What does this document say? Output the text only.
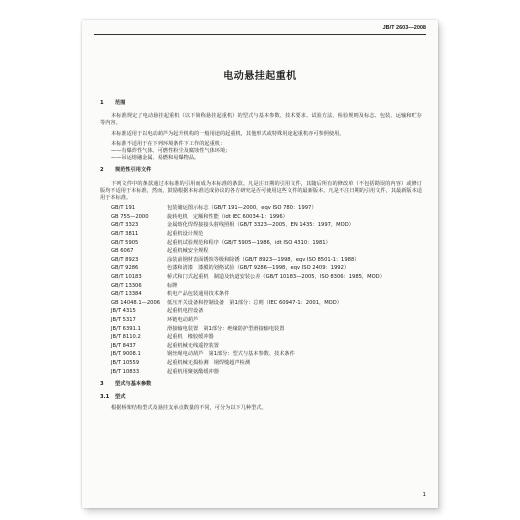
JB/T 2603—2008
电动悬挂起重机
1 范围

本标准规定了电动悬挂起重机（以下简称悬挂起重机）的型式与基本参数、技术要求、试验方法、检验规则及标志、包装、运输和贮存等内容。

本标准适用于以电动葫芦为起升机构的一般用途的起重机，其他形式或特殊用途起重机亦可参照使用。

本标准不适用于在下列环境条件下工作的起重机：

——有爆炸性气体、可燃性粉尘及腐蚀性气体环境；

——吊运熔融金属、易燃和易爆物品。

2 规范性引用文件

下列文件中的条款通过本标准的引用而成为本标准的条款。凡是注日期的引用文件，其随后所有的修改单（不包括勘误的内容）或修订版均不适用于本标准，然而，鼓励根据本标准达成协议的各方研究是否可使用这些文件的最新版本。凡是不注日期的引用文件，其最新版本适用于本标准。

GB/T 191	包装储运图示标志（GB/T 191—2000，eqv ISO 780：1997）
GB 755—2000	旋转电机　定额和性能（idt IEC 60034-1：1996）
GB/T 3323	金属熔化焊焊接接头射线照相（GB/T 3323—2005，EN 1435：1997，MOD）
GB/T 3811	起重机设计规范
GB/T 5905	起重机试验规范和程序（GB/T 5905—1986，idt ISO 4310：1981）
GB 6067	起重机械安全规程
GB/T 8923	涂装前钢材表面锈蚀等级和除锈（GB/T 8923—1998，eqv ISO 8501-1：1988）
GB/T 9286	色漆和清漆　漆膜的划格试验（GB/T 9286—1998，eqv ISO 2409：1992）
GB/T 10183	桥式和门式起重机　制造及轨道安装公差（GB/T 10183—2005，ISO 8306：1985，MOD）
GB/T 13306	标牌
GB/T 13384	机电产品包装通用技术条件
GB 14048.1—2006 低压开关设备和控制设备　第1部分：总则（IEC 60947-1：2001，MOD）
JB/T 4315	起重机电控设备
JB/T 5317	环链电动葫芦
JB/T 6391.1	滑接输电装置　第1部分：绝缘防护型滑接输电装置
JB/T 8110.2	起重机　橡胶缓冲器
JB/T 8437	起重机械无线遥控装置
JB/T 9008.1	钢丝绳电动葫芦　第1部分：型式与基本参数、技术条件
JB/T 10559	起重机械无损检测　钢焊缝超声检测
JB/T 10833	起重机用聚氨酯缓冲器
3 型式与基本参数
3.1 型式

根据桥架结构型式及悬挂支承点数量的不同，可分为以下几种型式。

1
